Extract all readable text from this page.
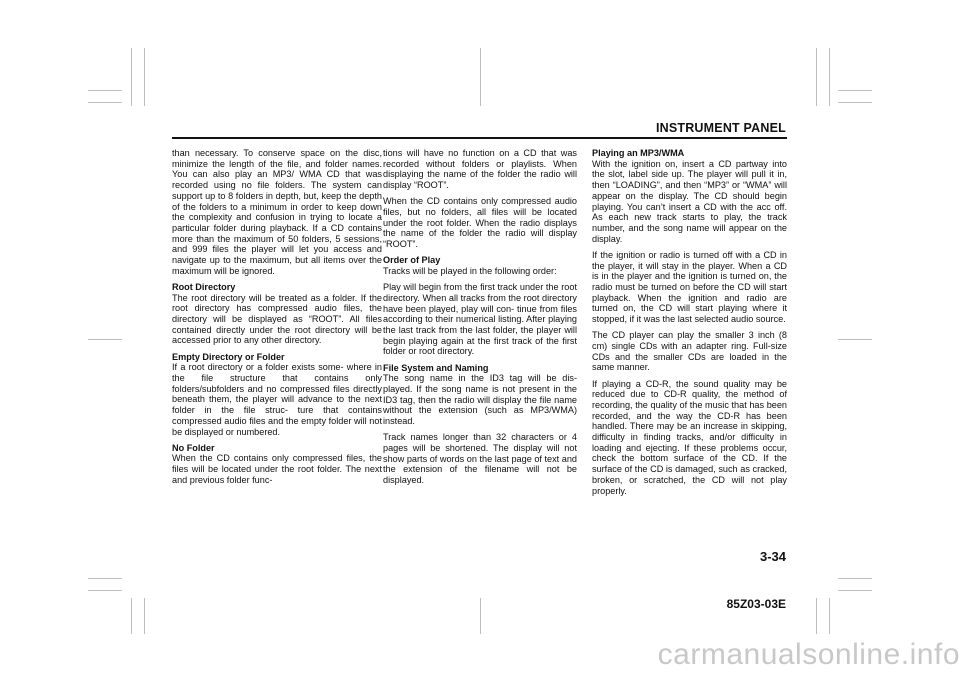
INSTRUMENT PANEL

than necessary. To conserve space on the disc, minimize the length of the file, and folder names. You can also play an MP3/ WMA CD that was recorded using no file folders. The system can support up to 8 folders in depth, but, keep the depth of the folders to a minimum in order to keep down the complexity and confusion in trying to locate a particular folder during playback. If a CD contains more than the maximum of 50 folders, 5 sessions, and 999 files the player will let you access and navigate up to the maximum, but all items over the maximum will be ignored.

Root Directory

The root directory will be treated as a folder. If the root directory has compressed audio files, the directory will be displayed as “ROOT”. All files contained directly under the root directory will be accessed prior to any other directory.

Empty Directory or Folder

If a root directory or a folder exists some- where in the file structure that contains only folders/subfolders and no compressed files directly beneath them, the player will advance to the next folder in the file struc- ture that contains compressed audio files and the empty folder will not be displayed or numbered.

No Folder

When the CD contains only compressed files, the files will be located under the root folder. The next and previous folder func-

tions will have no function on a CD that was recorded without folders or playlists. When displaying the name of the folder the radio will display “ROOT”.

When the CD contains only compressed audio files, but no folders, all files will be located under the root folder. When the radio displays the name of the folder the radio will display “ROOT”.

Order of Play

Tracks will be played in the following order:

Play will begin from the first track under the root directory. When all tracks from the root directory have been played, play will con- tinue from files according to their numerical listing. After playing the last track from the last folder, the player will begin playing again at the first track of the first folder or root directory.

File System and Naming

The song name in the ID3 tag will be dis- played. If the song name is not present in the ID3 tag, then the radio will display the file name without the extension (such as MP3/WMA) instead.

Track names longer than 32 characters or 4 pages will be shortened. The display will not show parts of words on the last page of text and the extension of the filename will not be displayed.

Playing an MP3/WMA

With the ignition on, insert a CD partway into the slot, label side up. The player will pull it in, then “LOADING”, and then “MP3” or “WMA” will appear on the display. The CD should begin playing. You can’t insert a CD with the acc off. As each new track starts to play, the track number, and the song name will appear on the display.

If the ignition or radio is turned off with a CD in the player, it will stay in the player. When a CD is in the player and the ignition is turned on, the radio must be turned on before the CD will start playback. When the ignition and radio are turned on, the CD will start playing where it stopped, if it was the last selected audio source.

The CD player can play the smaller 3 inch (8 cm) single CDs with an adapter ring. Full-size CDs and the smaller CDs are loaded in the same manner.

If playing a CD-R, the sound quality may be reduced due to CD-R quality, the method of recording, the quality of the music that has been recorded, and the way the CD-R has been handled. There may be an increase in skipping, difficulty in finding tracks, and/or difficulty in loading and ejecting. If these problems occur, check the bottom surface of the CD. If the surface of the CD is damaged, such as cracked, broken, or scratched, the CD will not play properly.

3-34
85Z03-03E
carmanualsonline.info
